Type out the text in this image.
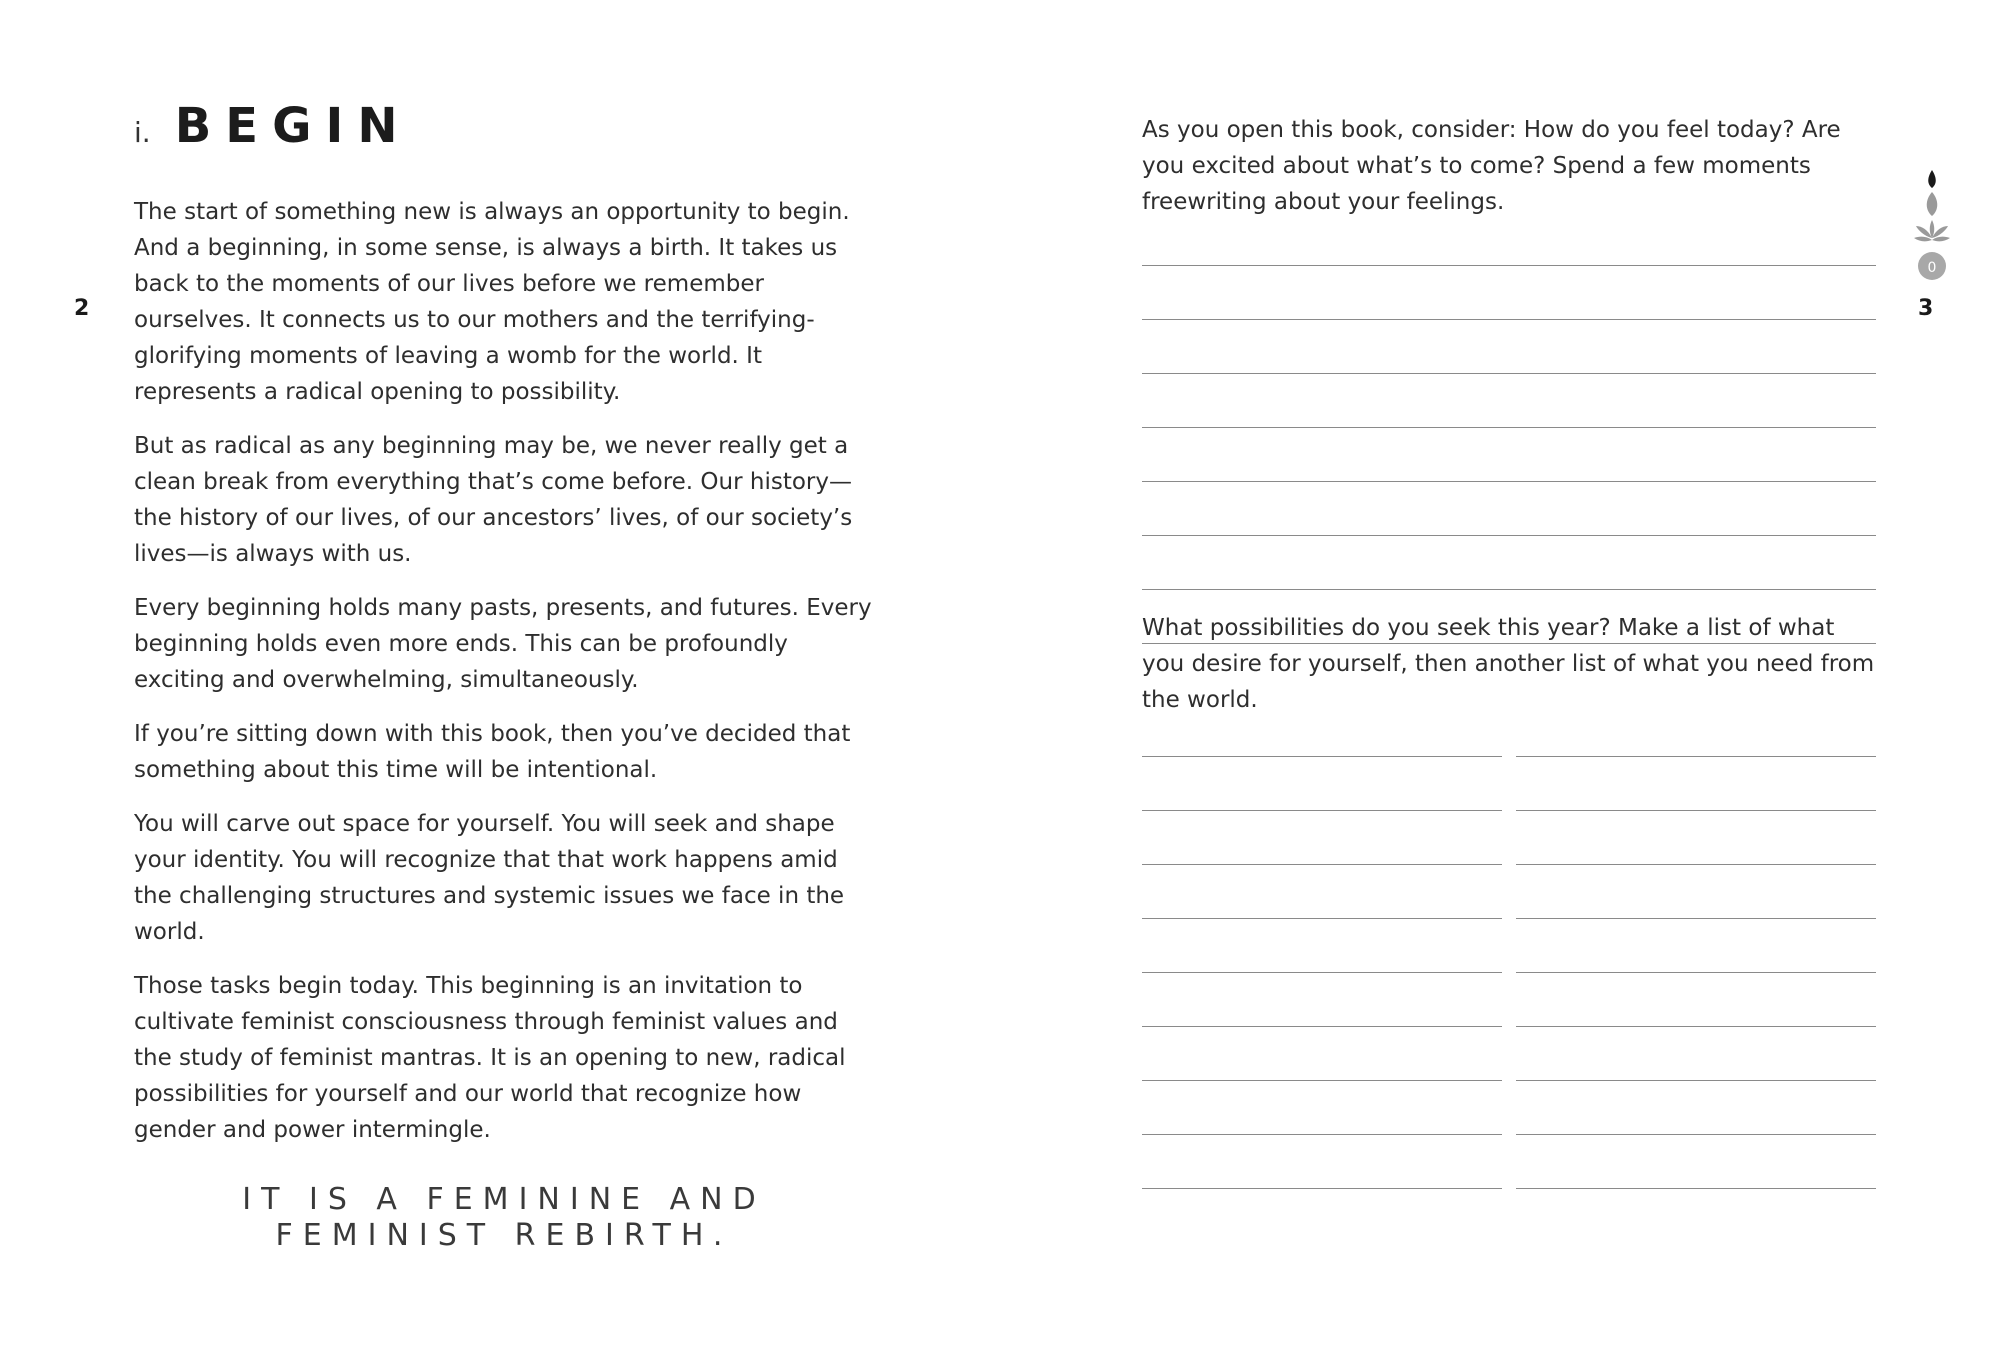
2	3
i. BEGIN

The start of something new is always an opportunity to begin. And a beginning, in some sense, is always a birth. It takes us back to the moments of our lives before we remember ourselves. It connects us to our mothers and the terrifying-glorifying moments of leaving a womb for the world. It represents a radical opening to possibility.

But as radical as any beginning may be, we never really get a clean break from everything that’s come before. Our history—the history of our lives, of our ancestors’ lives, of our society’s lives—is always with us.

Every beginning holds many pasts, presents, and futures. Every beginning holds even more ends. This can be profoundly exciting and overwhelming, simultaneously.

If you’re sitting down with this book, then you’ve decided that something about this time will be intentional.

You will carve out space for yourself. You will seek and shape your identity. You will recognize that that work happens amid the challenging structures and systemic issues we face in the world.

Those tasks begin today. This beginning is an invitation to cultivate feminist consciousness through feminist values and the study of feminist mantras. It is an opening to new, radical possibilities for yourself and our world that recognize how gender and power intermingle.

IT IS A FEMININE AND
FEMINIST REBIRTH.

As you open this book, consider: How do you feel today? Are you excited about what’s to come? Spend a few moments freewriting about your feelings.

What possibilities do you seek this year? Make a list of what you desire for yourself, then another list of what you need from the world.

0
